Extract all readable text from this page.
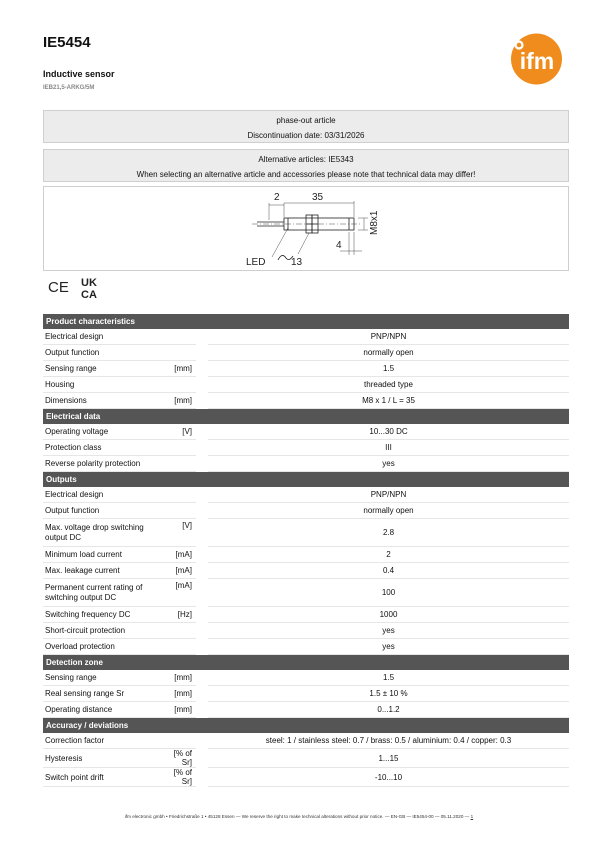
IE5454
Inductive sensor
IEB21,5-ARKG/5M
ifm
phase-out article
Discontinuation date: 03/31/2026
Alternative articles: IE5343
When selecting an alternative article and accessories please note that technical data may differ!
2	35
M8x1
4
LED	13
CE UK
CA
Product characteristics			
Electrical design			PNP/NPN
Output function			normally open
Sensing range	[mm]		1.5
Housing			threaded type
Dimensions	[mm]		M8 x 1 / L = 35
Electrical data			
Operating voltage	[V]		10...30 DC
Protection class			III
Reverse polarity protection			yes
Outputs			
Electrical design			PNP/NPN
Output function			normally open
Max. voltage drop switching output DC	[V]		2.8
Minimum load current	[mA]		2
Max. leakage current	[mA]		0.4
Permanent current rating of switching output DC	[mA]		100
Switching frequency DC	[Hz]		1000
Short-circuit protection			yes
Overload protection			yes
Detection zone			
Sensing range	[mm]		1.5
Real sensing range Sr	[mm]		1.5 ± 10 %
Operating distance	[mm]		0...1.2
Accuracy / deviations			
Correction factor			steel: 1 / stainless steel: 0.7 / brass: 0.5 / aluminium: 0.4 / copper: 0.3
Hysteresis	[% of Sr]		1...15
Switch point drift	[% of Sr]		-10...10
ifm electronic gmbh • Friedrichstraße 1 • 45128 Essen — We reserve the right to make technical alterations without prior notice. — EN-GB — IE5454-00 — 05.11.2020 — 1
